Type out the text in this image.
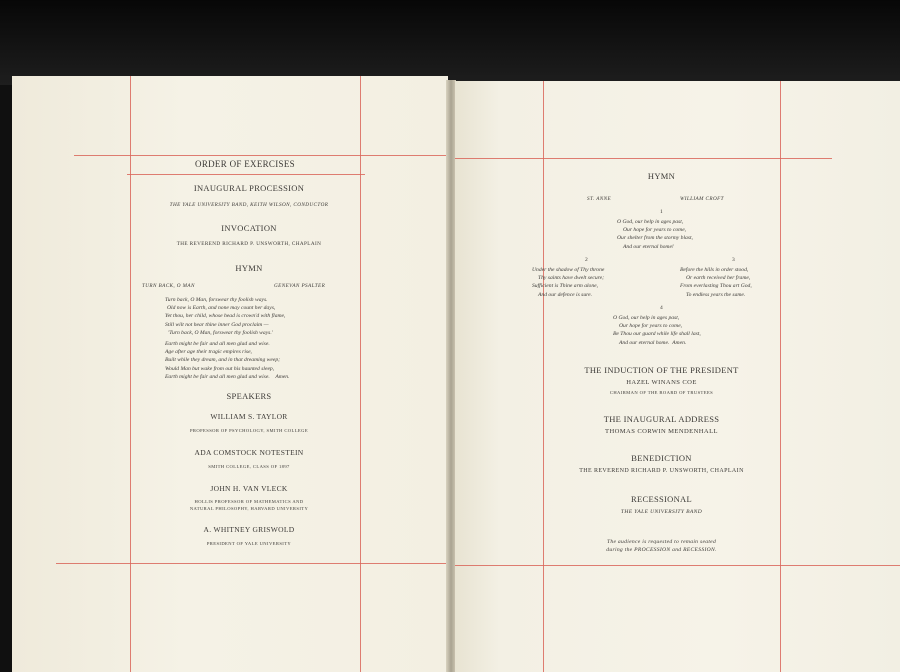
ORDER OF EXERCISES
INAUGURAL PROCESSION
THE YALE UNIVERSITY BAND, KEITH WILSON, CONDUCTOR
INVOCATION
THE REVEREND RICHARD P. UNSWORTH, CHAPLAIN
HYMN
TURN BACK, O MAN	GENEVAN PSALTER
Turn back, O Man, forswear thy foolish ways.
Old now is Earth, and none may count her days,
Yet thou, her child, whose head is crown'd with flame,
Still wilt not hear thine inner God proclaim —
'Turn back, O Man, forswear thy foolish ways.'
Earth might be fair and all men glad and wise.
Age after age their tragic empires rise,
Built while they dream, and in that dreaming weep;
Would Man but wake from out his haunted sleep,
Earth might be fair and all men glad and wise. Amen.
SPEAKERS
WILLIAM S. TAYLOR
PROFESSOR OF PSYCHOLOGY, SMITH COLLEGE
ADA COMSTOCK NOTESTEIN
SMITH COLLEGE, CLASS OF 1897
JOHN H. VAN VLECK
HOLLIS PROFESSOR OF MATHEMATICS AND
NATURAL PHILOSOPHY, HARVARD UNIVERSITY
A. WHITNEY GRISWOLD
PRESIDENT OF YALE UNIVERSITY
HYMN
ST. ANNE	WILLIAM CROFT
1
O God, our help in ages past,
Our hope for years to come,
Our shelter from the stormy blast,
And our eternal home!
2	3
Under the shadow of Thy throne
Thy saints have dwelt secure;
Sufficient is Thine arm alone,
And our defence is sure.
Before the hills in order stood,
Or earth received her frame,
From everlasting Thou art God,
To endless years the same.
4
O God, our help in ages past,
Our hope for years to come,
Be Thou our guard while life shall last,
And our eternal home. Amen.
THE INDUCTION OF THE PRESIDENT
HAZEL WINANS COE
CHAIRMAN OF THE BOARD OF TRUSTEES
THE INAUGURAL ADDRESS
THOMAS CORWIN MENDENHALL
BENEDICTION
THE REVEREND RICHARD P. UNSWORTH, CHAPLAIN
RECESSIONAL
THE YALE UNIVERSITY BAND
The audience is requested to remain seated
during the PROCESSION and RECESSION.
